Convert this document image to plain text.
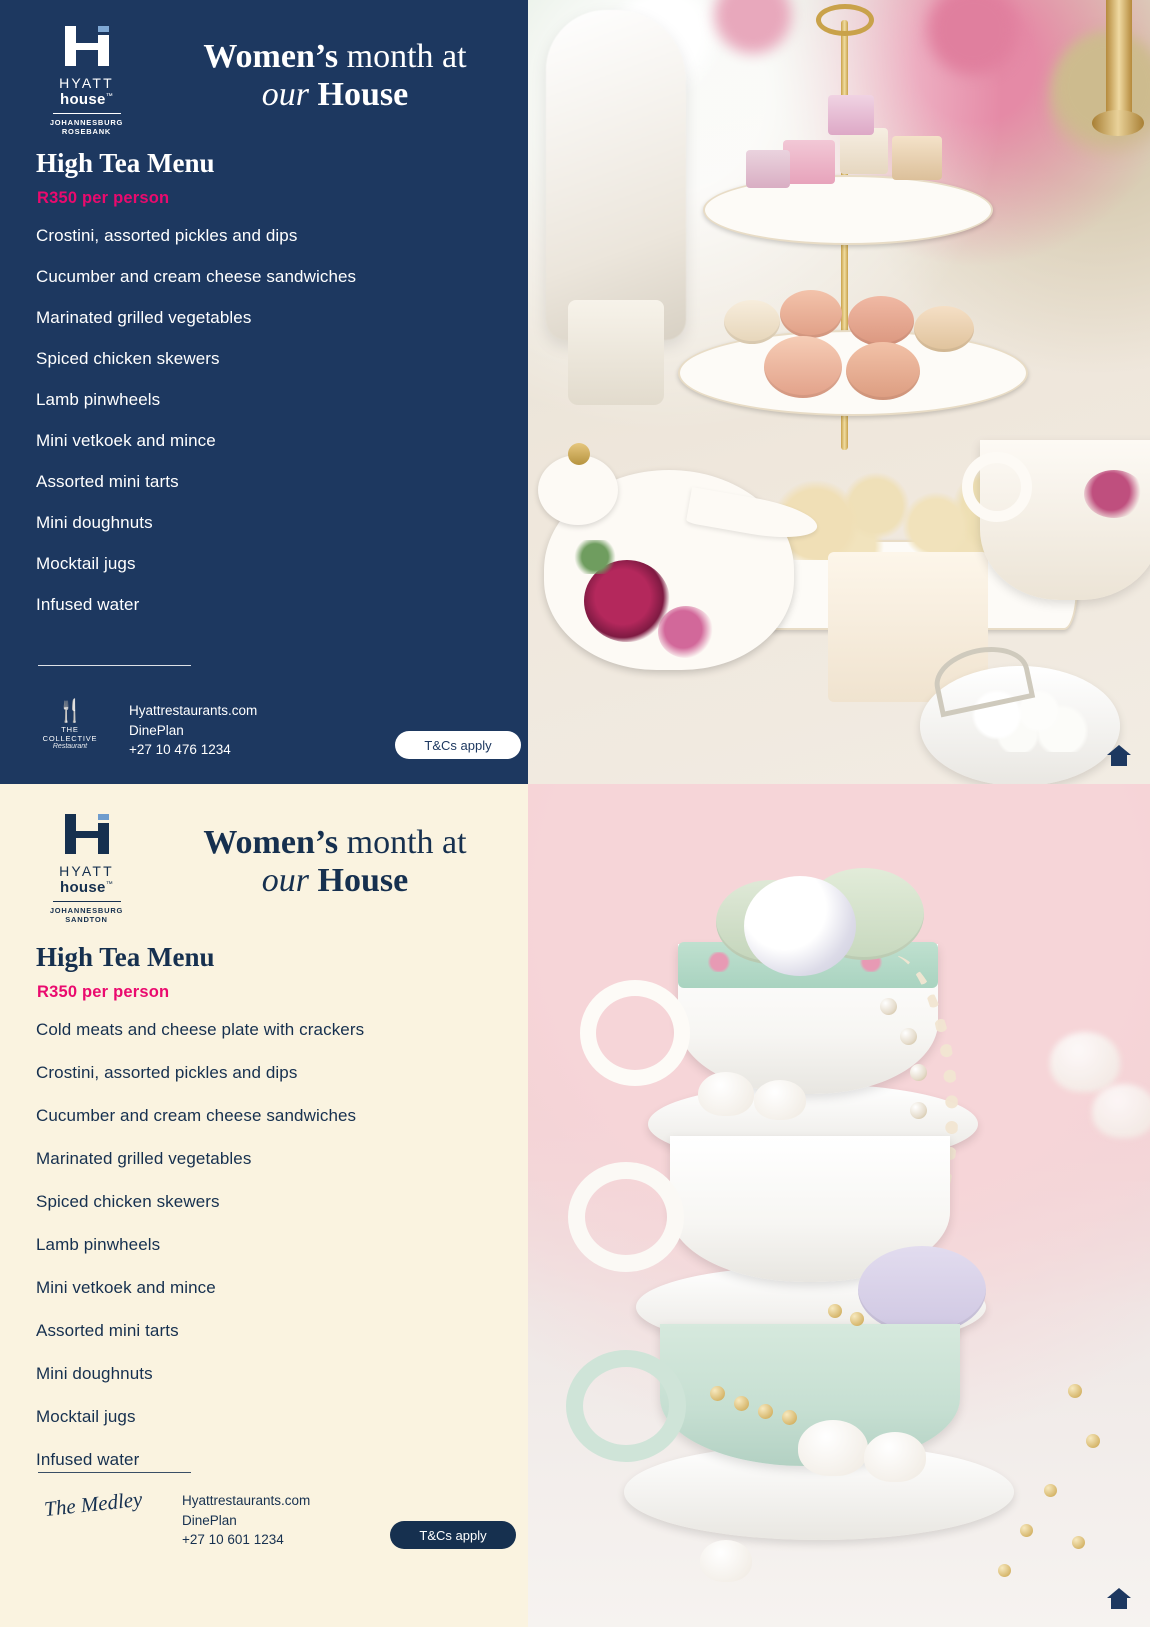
HYATT
house™
JOHANNESBURG
ROSEBANK
Women’s month at
our House
High Tea Menu
R350 per person
Crostini, assorted pickles and dips
Cucumber and cream cheese sandwiches
Marinated grilled vegetables
Spiced chicken skewers
Lamb pinwheels
Mini vetkoek and mince
Assorted mini tarts
Mini doughnuts
Mocktail jugs
Infused water
🍴
THE COLLECTIVE
Restaurant
Hyattrestaurants.com
DinePlan
+27 10 476 1234	T&Cs apply
HYATT
house™
JOHANNESBURG
SANDTON
Women’s month at
our House
High Tea Menu
R350 per person
Cold meats and cheese plate with crackers
Crostini, assorted pickles and dips
Cucumber and cream cheese sandwiches
Marinated grilled vegetables
Spiced chicken skewers
Lamb pinwheels
Mini vetkoek and mince
Assorted mini tarts
Mini doughnuts
Mocktail jugs
Infused water
The Medley	Hyattrestaurants.com
DinePlan
+27 10 601 1234	T&Cs apply
